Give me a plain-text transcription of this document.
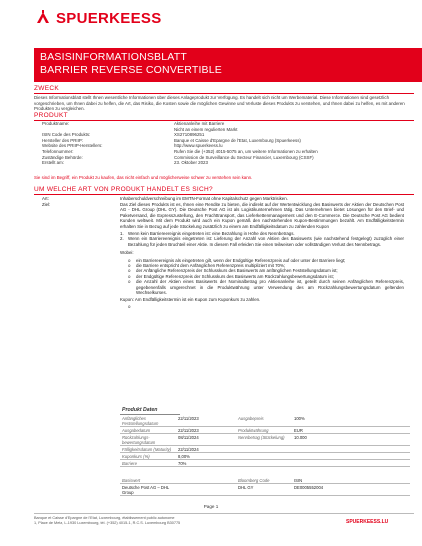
SPUERKEESS
BASISINFORMATIONSBLATT
BARRIER REVERSE CONVERTIBLE
ZWECK
Dieses Informationsblatt stellt Ihnen wesentliche Informationen über dieses Anlageprodukt zur Verfügung. Es handelt sich nicht um Werbematerial. Diese Informationen sind gesetzlich vorgeschrieben, um Ihnen dabei zu helfen, die Art, das Risiko, die Kosten sowie die möglichen Gewinne und Verluste dieses Produkts zu verstehen, und Ihnen dabei zu helfen, es mit anderen Produkten zu vergleichen.
PRODUKT
Produktname:	Aktienanleihe mit Barriere
Nicht an einem regulierten Markt
ISIN Code des Produkts:	XS2710896251
Hersteller des PRIIP:	Banque et Caisse d'Epargne de l'Etat, Luxembourg (Spuerkeess)
Website des PRIIP-Herstellers:	http://www.spuerkeess.lu
Telefonnummer:	Rufen Sie die (+352) 4015-5075 an, um weitere Informationen zu erhalten
Zuständige Behörde:	Commission de Surveillance du Secteur Financier, Luxembourg (CSSF)
Erstellt am:	23. Oktober 2023
Sie sind im Begriff, ein Produkt zu kaufen, das nicht einfach und möglicherweise schwer zu verstehen sein kann.
UM WELCHE ART VON PRODUKT HANDELT ES SICH?
Art:	Inhaberschuldverschreibung im EMTN-Format ohne Kapitalschutz gegen Marktrisiken.
Ziel:	Das Ziel dieses Produkts ist es, Ihnen eine Rendite zu bieten, die indirekt auf der Wertentwicklung des Basiswerts der Aktien der Deutschen Post AG - DHL Group (DHL GY). Die Deutsche Post AG ist als Logistikunternehmen tätig. Das Unternehmen bietet Lösungen für den Brief- und Paketversand, die Expresszustellung, den Frachttransport, das Lieferkettenmanagement und den E-Commerce. Die Deutsche Post AG bedient Kunden weltweit. Mit dem Produkt wird auch ein Kupon gemäß den nachstehenden Kupon-Bestimmungen bezahlt. Am Endfälligkeitstermin erhalten Sie in Bezug auf jede Stückelung zusätzlich zu einem am Endfälligkeitsdatum zu zahlenden Kupon

1. Wenn kein Barriereereignis eingetreten ist: eine Bezahlung in Höhe des Nennbetrags.
2. Wenn ein Barriereereignis eingetreten ist: Lieferung der Anzahl von Aktien des Basiswerts (wie nachstehend festgelegt) zuzüglich einer Bezahlung für jeden Bruchteil einer Aktie. In diesem Fall erleiden Sie einen teilweisen oder vollständigen Verlust des Nennbetrags.

Wobei:

o	ein Barriereereignis als eingetreten gilt, wenn der Endgültige Referenzpreis auf oder unter der Barriere liegt;
o	die Barriere entspricht dem Anfänglichen Referenzpreis multipliziert mit 70%;
o	der Anfängliche Referenzpreis der Schlusskurs des Basiswerts am anfänglichen Feststellungsdatum ist;
o	der Endgültige Referenzpreis der Schlusskurs des Basiswerts am Rückzahlungsbewertungsdatum ist;
o	die Anzahl der Aktien eines Basiswerts der Nominalbetrag pro Aktienanleihe ist, geteilt durch seinen Anfänglichen Referenzpreis, gegebenenfalls umgerechnet in die Produktwährung unter Verwendung des am Rückzahlungsbewertungsdatum geltenden Wechselkurses.

Kupon: Am Endfälligkeitstermin ist ein Kupon zum Kuponkurs zu zahlen.

o
Produkt Daten
Anfängliches Feststellungsdatum
22/11/2023	Ausgabepreis	100%
Ausgabedatum	22/11/2023	Produktwährung	EUR
Rückzahlungs-bewertungsdatum
08/11/2024	Nennbetrag (Stückelung)	10.000
Fälligkeitsdatum (Maturity)	22/11/2024
Kuponkurs (%)	8,00%
Barriere	70%
Basiswert	Bloomberg Code	ISIN
Deutsche Post AG – DHL Group
DHL GY	DE0005552004
Page 1
Banque et Caisse d'Epargne de l'Etat, Luxembourg, établissement public autonome
1, Place de Metz, L-1930 Luxembourg, tél. (+352) 4015-1, R.C.S. Luxembourg B30775	SPUERKEESS.LU
